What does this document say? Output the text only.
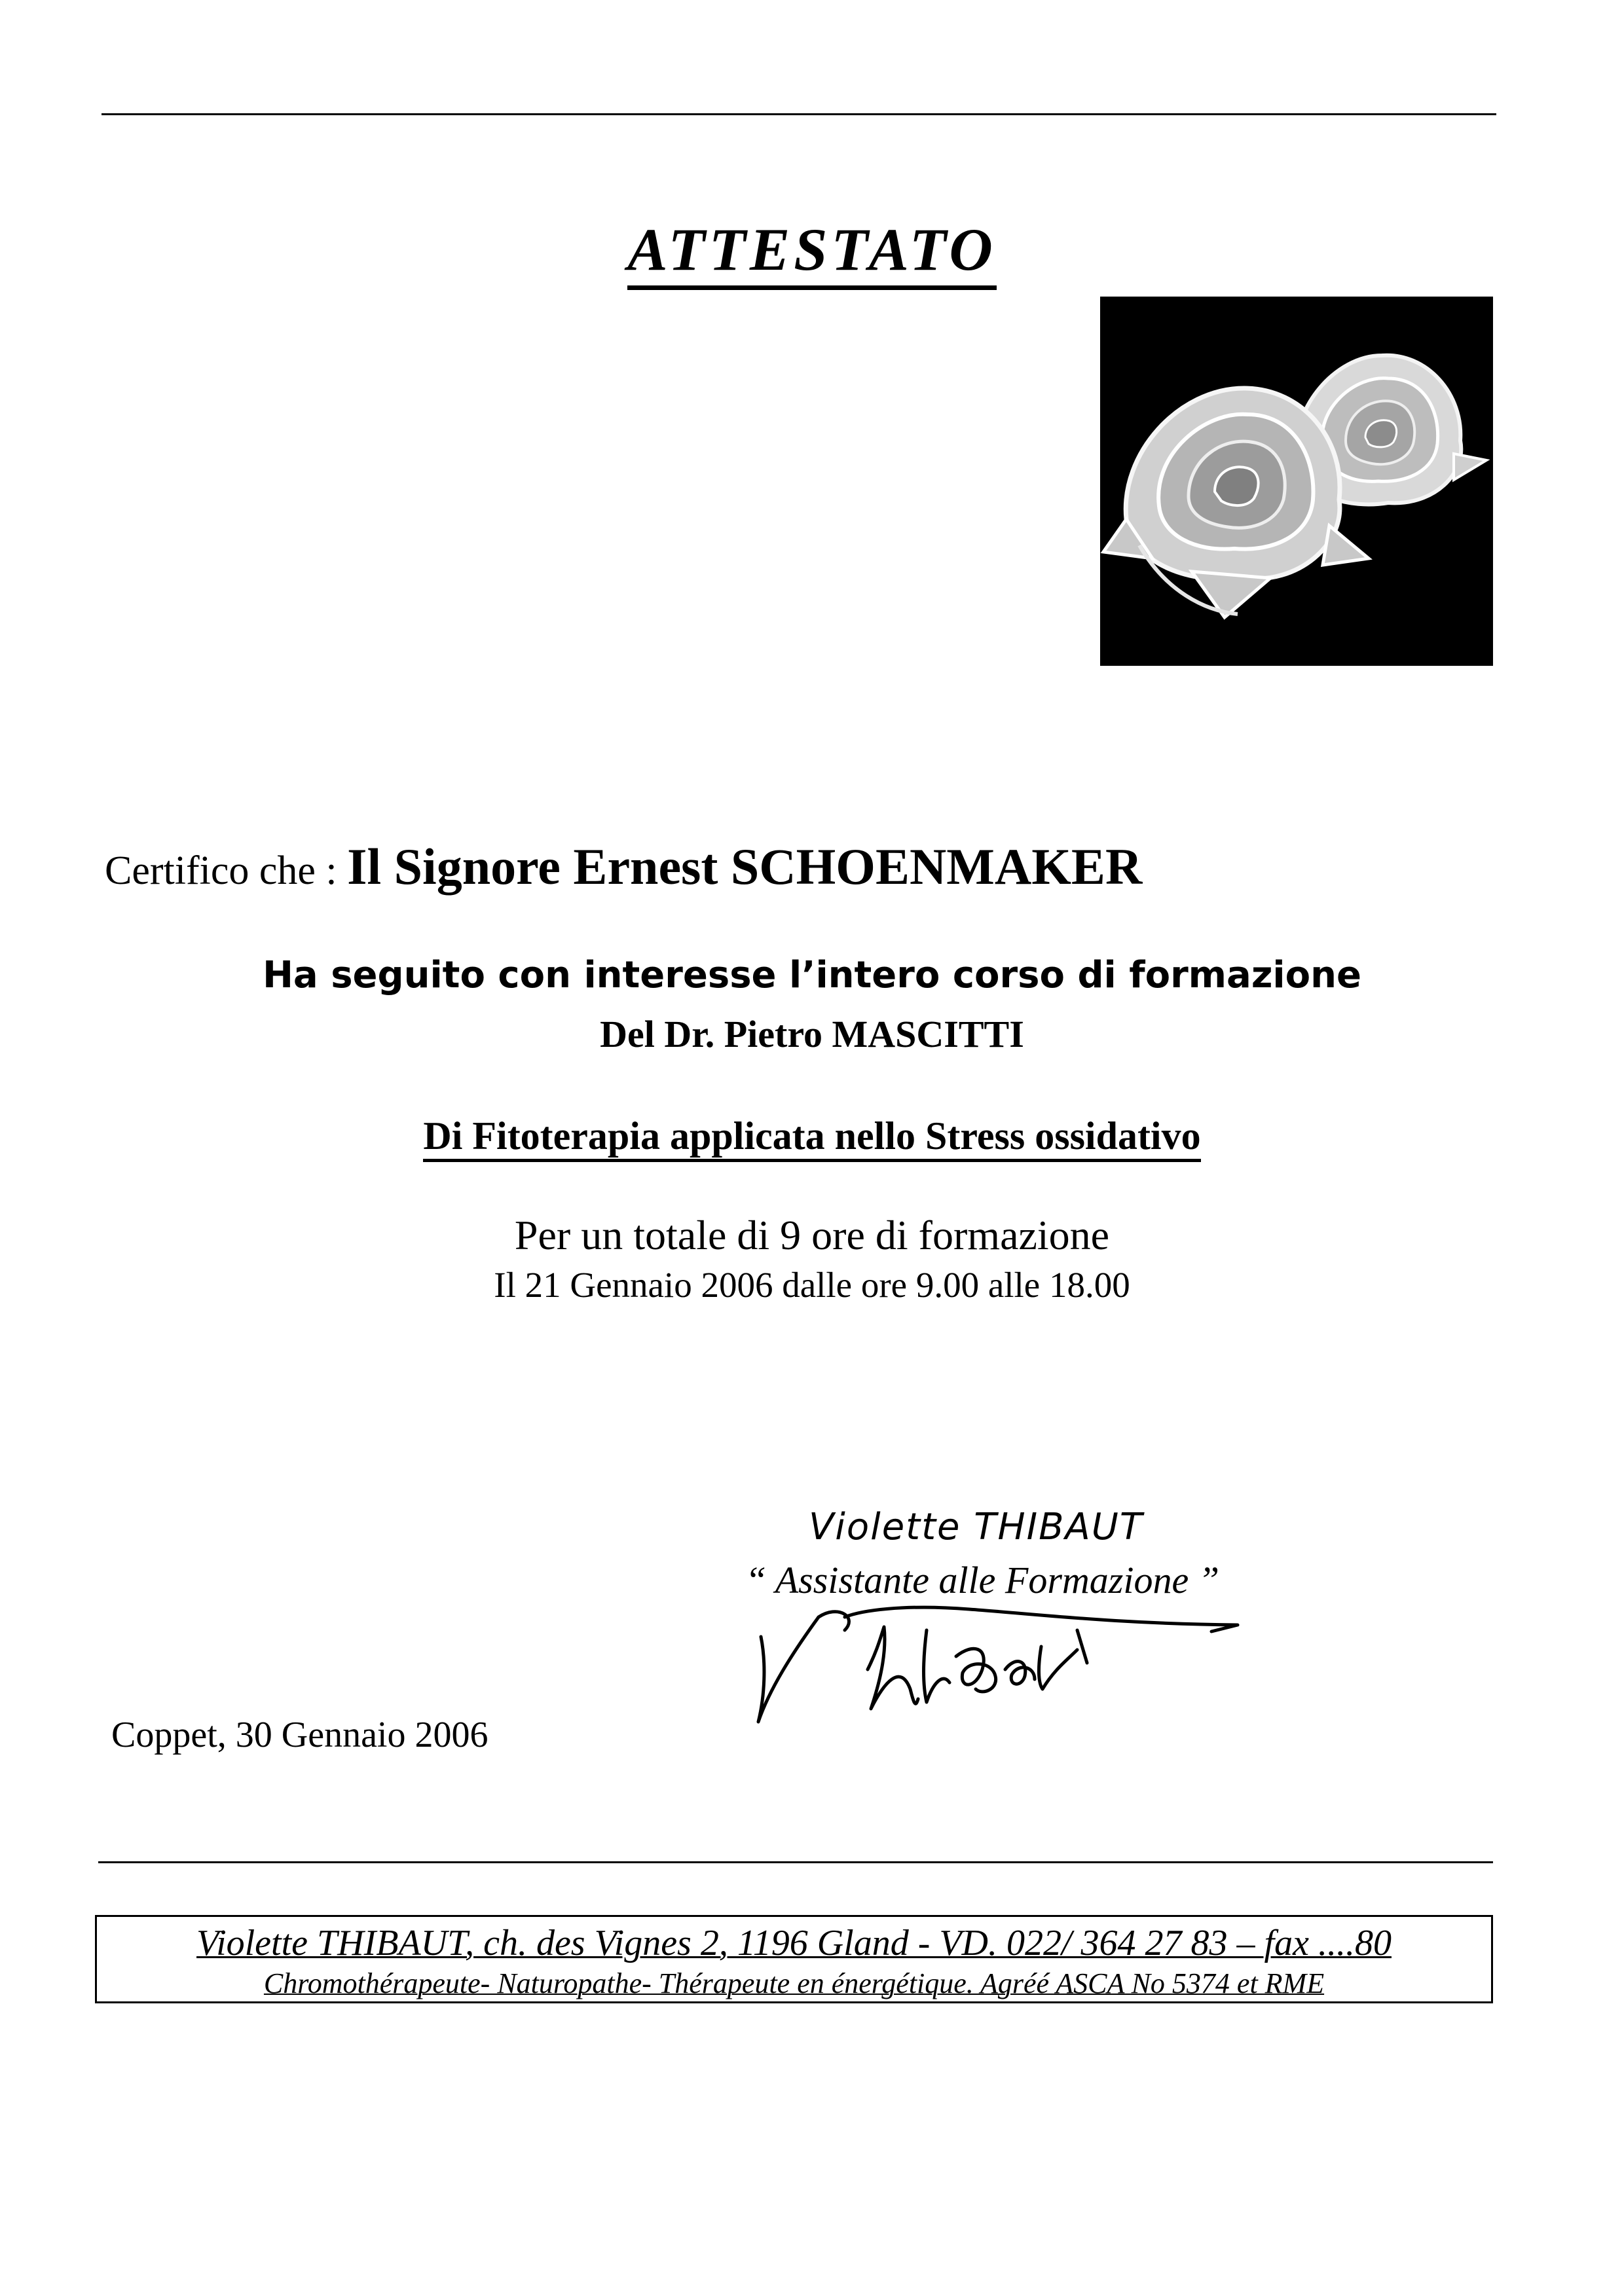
ATTESTATO
Certifico che : Il Signore Ernest SCHOENMAKER
Ha seguito con interesse l’intero corso di formazione
Del Dr. Pietro MASCITTI
Di Fitoterapia applicata nello Stress ossidativo
Per un totale di 9 ore di formazione
Il 21 Gennaio 2006 dalle ore 9.00 alle 18.00
Violette THIBAUT
“ Assistante alle Formazione ”
Coppet, 30 Gennaio 2006
Violette THIBAUT, ch. des Vignes 2, 1196 Gland - VD. 022/ 364 27 83 – fax ....80
Chromothérapeute- Naturopathe- Thérapeute en énergétique. Agréé ASCA No 5374 et RME
